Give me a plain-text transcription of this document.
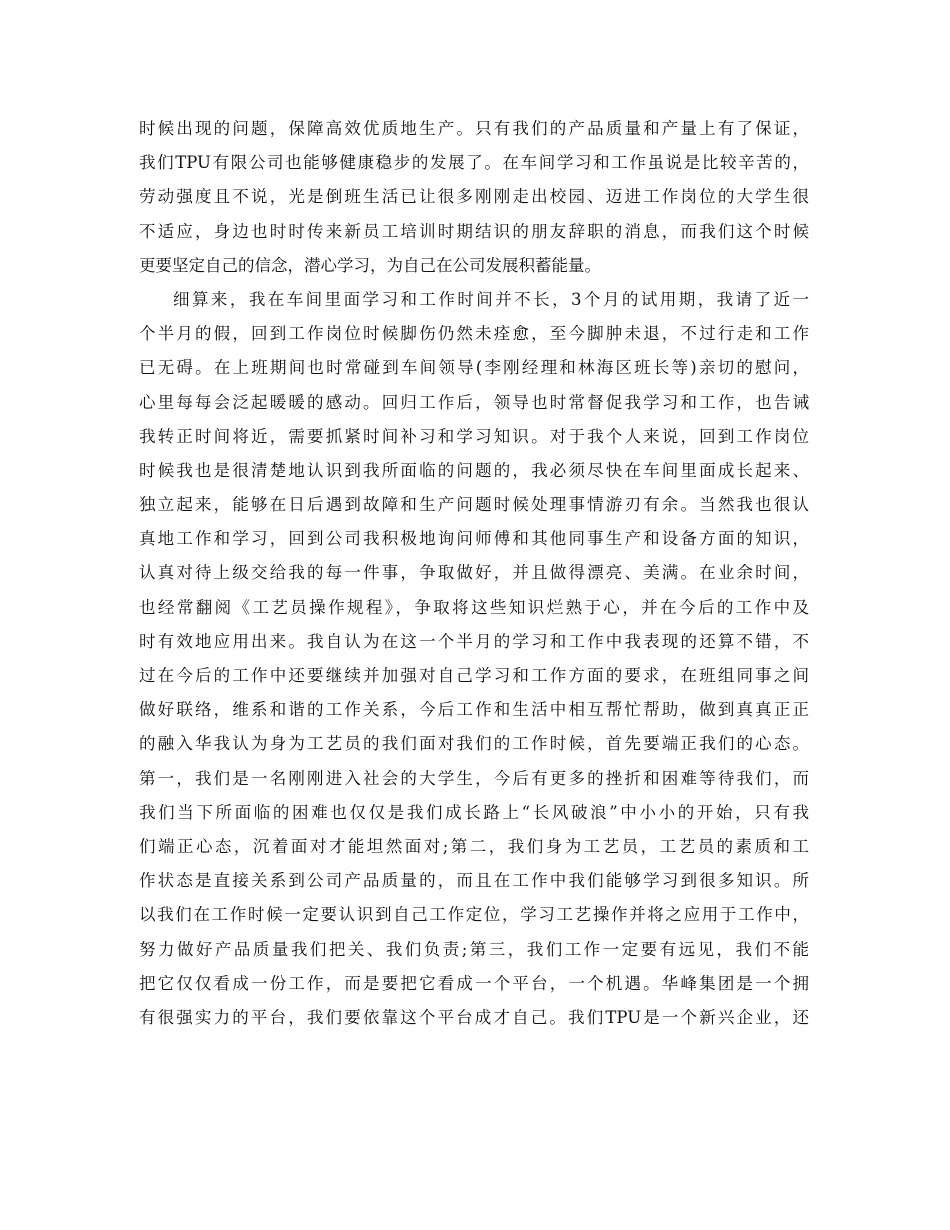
时候出现的问题，保障高效优质地生产。只有我们的产品质量和产量上有了保证，
我们TPU有限公司也能够健康稳步的发展了。在车间学习和工作虽说是比较辛苦的，
劳动强度且不说，光是倒班生活已让很多刚刚走出校园、迈进工作岗位的大学生很
不适应，身边也时时传来新员工培训时期结识的朋友辞职的消息，而我们这个时候
更要坚定自己的信念，潜心学习，为自己在公司发展积蓄能量。
细算来，我在车间里面学习和工作时间并不长，3个月的试用期，我请了近一
个半月的假，回到工作岗位时候脚伤仍然未痊愈，至今脚肿未退，不过行走和工作
已无碍。在上班期间也时常碰到车间领导(李刚经理和林海区班长等)亲切的慰问，
心里每每会泛起暖暖的感动。回归工作后，领导也时常督促我学习和工作，也告诫
我转正时间将近，需要抓紧时间补习和学习知识。对于我个人来说，回到工作岗位
时候我也是很清楚地认识到我所面临的问题的，我必须尽快在车间里面成长起来、
独立起来，能够在日后遇到故障和生产问题时候处理事情游刃有余。当然我也很认
真地工作和学习，回到公司我积极地询问师傅和其他同事生产和设备方面的知识，
认真对待上级交给我的每一件事，争取做好，并且做得漂亮、美满。在业余时间，
也经常翻阅《工艺员操作规程》，争取将这些知识烂熟于心，并在今后的工作中及
时有效地应用出来。我自认为在这一个半月的学习和工作中我表现的还算不错，不
过在今后的工作中还要继续并加强对自己学习和工作方面的要求，在班组同事之间
做好联络，维系和谐的工作关系，今后工作和生活中相互帮忙帮助，做到真真正正
的融入华我认为身为工艺员的我们面对我们的工作时候，首先要端正我们的心态。
第一，我们是一名刚刚进入社会的大学生，今后有更多的挫折和困难等待我们，而
我们当下所面临的困难也仅仅是我们成长路上“长风破浪”中小小的开始，只有我
们端正心态，沉着面对才能坦然面对;第二，我们身为工艺员，工艺员的素质和工
作状态是直接关系到公司产品质量的，而且在工作中我们能够学习到很多知识。所
以我们在工作时候一定要认识到自己工作定位，学习工艺操作并将之应用于工作中，
努力做好产品质量我们把关、我们负责;第三，我们工作一定要有远见，我们不能
把它仅仅看成一份工作，而是要把它看成一个平台，一个机遇。华峰集团是一个拥
有很强实力的平台，我们要依靠这个平台成才自己。我们TPU是一个新兴企业，还
